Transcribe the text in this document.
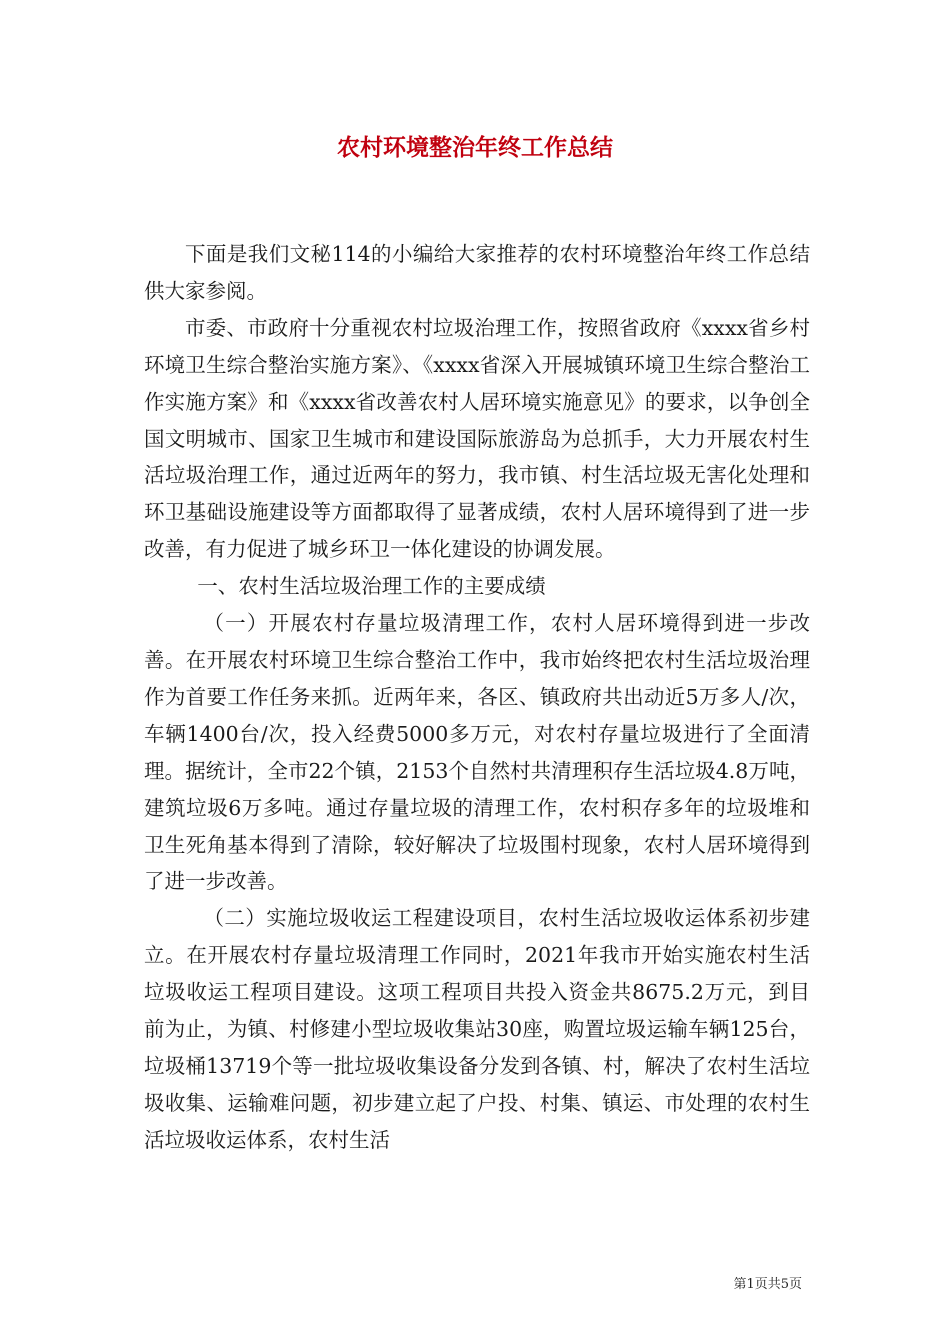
农村环境整治年终工作总结

下面是我们文秘114的小编给大家推荐的农村环境整治年终工作总结供大家参阅。

市委、市政府十分重视农村垃圾治理工作，按照省政府《xxxx省乡村环境卫生综合整治实施方案》、《xxxx省深入开展城镇环境卫生综合整治工作实施方案》和《xxxx省改善农村人居环境实施意见》的要求，以争创全国文明城市、国家卫生城市和建设国际旅游岛为总抓手，大力开展农村生活垃圾治理工作，通过近两年的努力，我市镇、村生活垃圾无害化处理和环卫基础设施建设等方面都取得了显著成绩，农村人居环境得到了进一步改善，有力促进了城乡环卫一体化建设的协调发展。

一、农村生活垃圾治理工作的主要成绩

（一）开展农村存量垃圾清理工作，农村人居环境得到进一步改善。在开展农村环境卫生综合整治工作中，我市始终把农村生活垃圾治理作为首要工作任务来抓。近两年来，各区、镇政府共出动近5万多人/次，车辆1400台/次，投入经费5000多万元，对农村存量垃圾进行了全面清理。据统计，全市22个镇，2153个自然村共清理积存生活垃圾4.8万吨，建筑垃圾6万多吨。通过存量垃圾的清理工作，农村积存多年的垃圾堆和卫生死角基本得到了清除，较好解决了垃圾围村现象，农村人居环境得到了进一步改善。

（二）实施垃圾收运工程建设项目，农村生活垃圾收运体系初步建立。在开展农村存量垃圾清理工作同时，2021年我市开始实施农村生活垃圾收运工程项目建设。这项工程项目共投入资金共8675.2万元，到目前为止，为镇、村修建小型垃圾收集站30座，购置垃圾运输车辆125台，垃圾桶13719个等一批垃圾收集设备分发到各镇、村，解决了农村生活垃圾收集、运输难问题，初步建立起了户投、村集、镇运、市处理的农村生活垃圾收运体系，农村生活

第1页共5页
